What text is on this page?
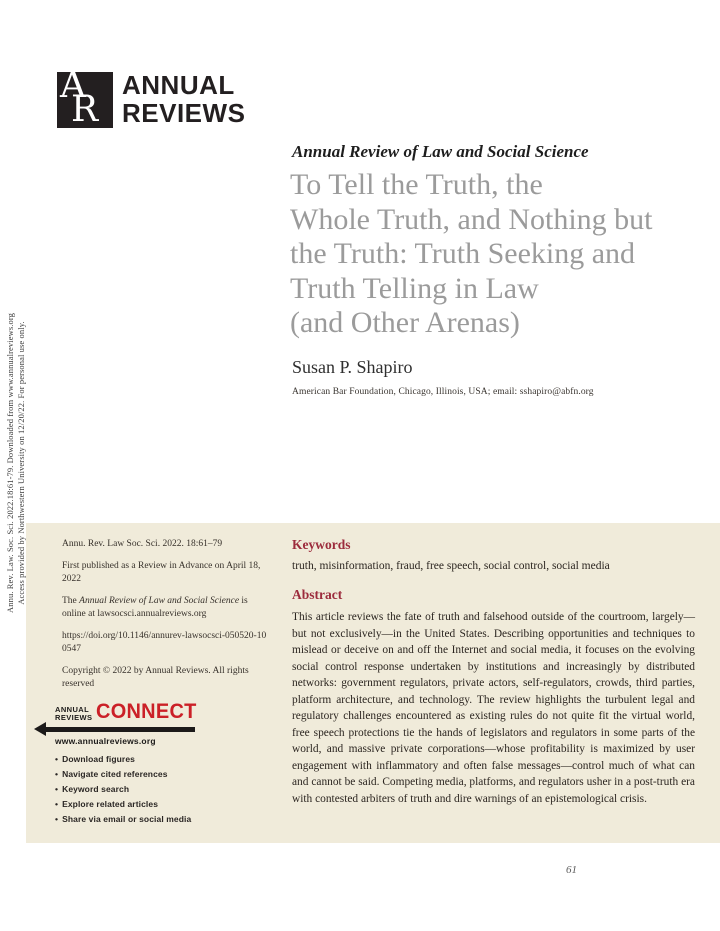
Annu. Rev. Law. Soc. Sci. 2022.18:61-79. Downloaded from www.annualreviews.org Access provided by Northwestern University on 12/20/22. For personal use only.
A
R
ANNUAL
REVIEWS
Annual Review of Law and Social Science
To Tell the Truth, the
Whole Truth, and Nothing but
the Truth: Truth Seeking and
Truth Telling in Law
(and Other Arenas)
Susan P. Shapiro
American Bar Foundation, Chicago, Illinois, USA; email: sshapiro@abfn.org

Annu. Rev. Law Soc. Sci. 2022. 18:61–79

First published as a Review in Advance on April 18, 2022

The Annual Review of Law and Social Science is online at lawsocsci.annualreviews.org

https://doi.org/10.1146/annurev-lawsocsci-050520-100547

Copyright © 2022 by Annual Reviews. All rights reserved

ANNUAL
REVIEWS CONNECT
www.annualreviews.org
• Download figures
• Navigate cited references
• Keyword search
• Explore related articles
• Share via email or social media
Keywords
truth, misinformation, fraud, free speech, social control, social media
Abstract
This article reviews the fate of truth and falsehood outside of the courtroom, largely—but not exclusively—in the United States. Describing opportunities and techniques to mislead or deceive on and off the Internet and social media, it focuses on the evolving social control response undertaken by institutions and increasingly by distributed networks: government regulators, private actors, self-regulators, crowds, third parties, platform architecture, and technology. The review highlights the turbulent legal and regulatory challenges encountered as existing rules do not quite fit the virtual world, free speech protections tie the hands of legislators and regulators in some parts of the world, and massive private corporations—whose profitability is maximized by user engagement with inflammatory and often false messages—control much of what can and cannot be said. Competing media, platforms, and regulators usher in a post-truth era with contested arbiters of truth and dire warnings of an epistemological crisis.
61
